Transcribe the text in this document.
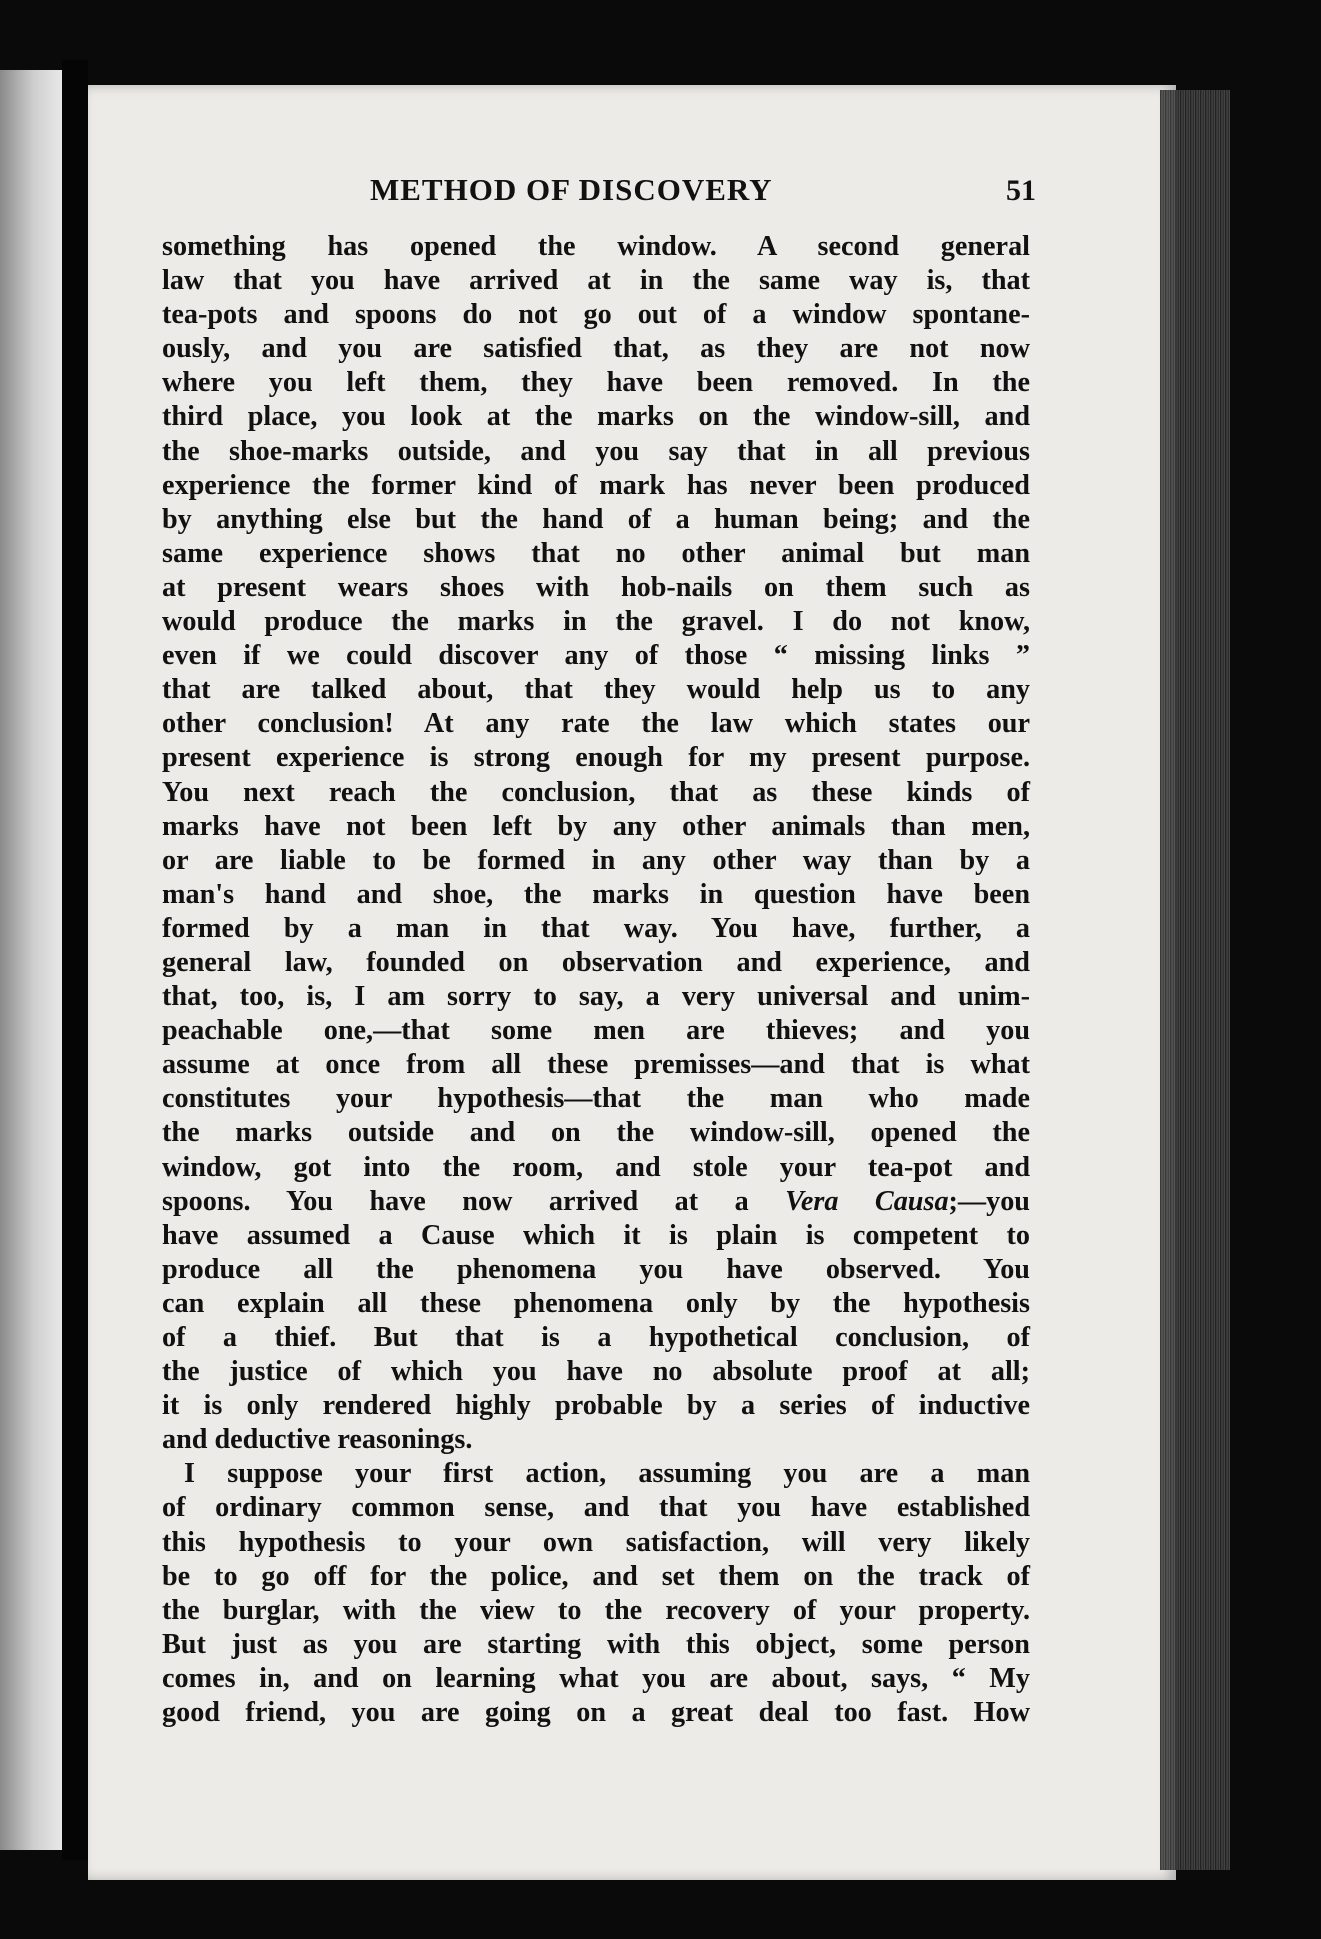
METHOD OF DISCOVERY	51
something has opened the window. A second general
law that you have arrived at in the same way is, that
tea-pots and spoons do not go out of a window spontane-
ously, and you are satisfied that, as they are not now
where you left them, they have been removed. In the
third place, you look at the marks on the window-sill, and
the shoe-marks outside, and you say that in all previous
experience the former kind of mark has never been produced
by anything else but the hand of a human being; and the
same experience shows that no other animal but man
at present wears shoes with hob-nails on them such as
would produce the marks in the gravel. I do not know,
even if we could discover any of those “ missing links ”
that are talked about, that they would help us to any
other conclusion! At any rate the law which states our
present experience is strong enough for my present purpose.
You next reach the conclusion, that as these kinds of
marks have not been left by any other animals than men,
or are liable to be formed in any other way than by a
man's hand and shoe, the marks in question have been
formed by a man in that way. You have, further, a
general law, founded on observation and experience, and
that, too, is, I am sorry to say, a very universal and unim-
peachable one,—that some men are thieves; and you
assume at once from all these premisses—and that is what
constitutes your hypothesis—that the man who made
the marks outside and on the window-sill, opened the
window, got into the room, and stole your tea-pot and
spoons. You have now arrived at a Vera Causa;—you
have assumed a Cause which it is plain is competent to
produce all the phenomena you have observed. You
can explain all these phenomena only by the hypothesis
of a thief. But that is a hypothetical conclusion, of
the justice of which you have no absolute proof at all;
it is only rendered highly probable by a series of inductive
and deductive reasonings.
I suppose your first action, assuming you are a man
of ordinary common sense, and that you have established
this hypothesis to your own satisfaction, will very likely
be to go off for the police, and set them on the track of
the burglar, with the view to the recovery of your property.
But just as you are starting with this object, some person
comes in, and on learning what you are about, says, “ My
good friend, you are going on a great deal too fast. How
